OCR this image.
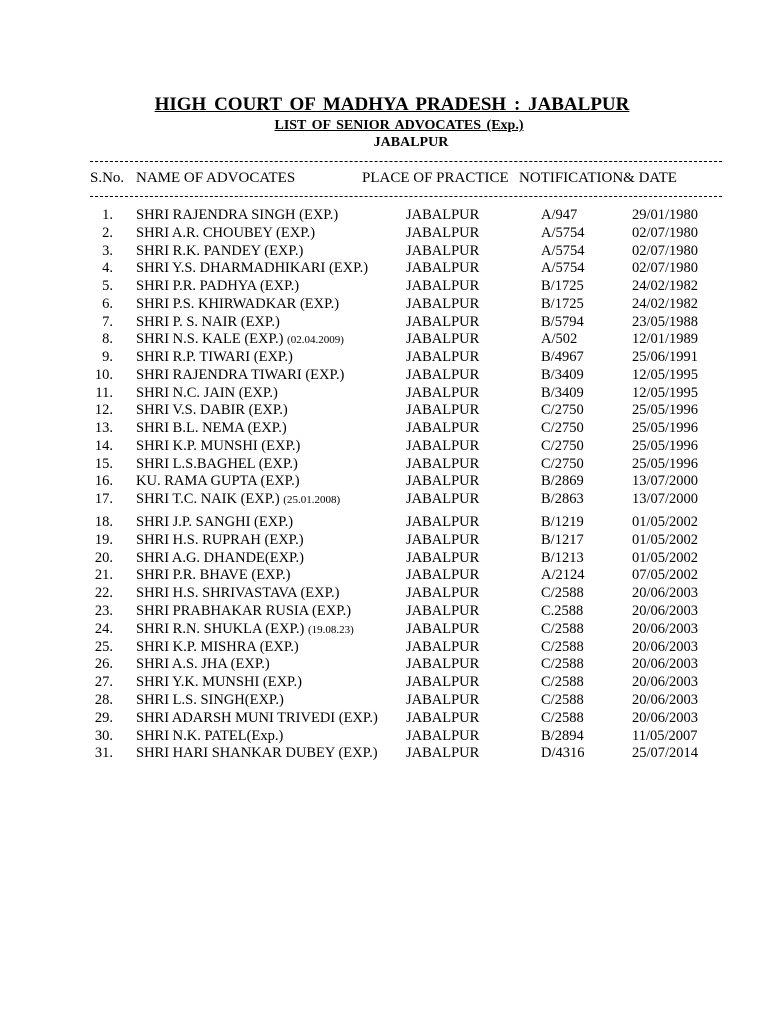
HIGH COURT OF MADHYA PRADESH : JABALPUR
LIST OF SENIOR ADVOCATES (Exp.)
JABALPUR
S.No. NAME OF ADVOCATES	PLACE OF PRACTICE NOTIFICATION& DATE
1. SHRI RAJENDRA SINGH (EXP.)	JABALPUR	A/947	29/01/1980
2. SHRI A.R. CHOUBEY (EXP.)	JABALPUR	A/5754	02/07/1980
3. SHRI R.K. PANDEY (EXP.)	JABALPUR	A/5754	02/07/1980
4. SHRI Y.S. DHARMADHIKARI (EXP.)	JABALPUR	A/5754	02/07/1980
5. SHRI P.R. PADHYA (EXP.)	JABALPUR	B/1725	24/02/1982
6. SHRI P.S. KHIRWADKAR (EXP.)	JABALPUR	B/1725	24/02/1982
7. SHRI P. S. NAIR (EXP.)	JABALPUR	B/5794	23/05/1988
8. SHRI N.S. KALE (EXP.) (02.04.2009)	JABALPUR	A/502	12/01/1989
9. SHRI R.P. TIWARI (EXP.)	JABALPUR	B/4967	25/06/1991
10. SHRI RAJENDRA TIWARI (EXP.)	JABALPUR	B/3409	12/05/1995
11. SHRI N.C. JAIN (EXP.)	JABALPUR	B/3409	12/05/1995
12. SHRI V.S. DABIR (EXP.)	JABALPUR	C/2750	25/05/1996
13. SHRI B.L. NEMA (EXP.)	JABALPUR	C/2750	25/05/1996
14. SHRI K.P. MUNSHI (EXP.)	JABALPUR	C/2750	25/05/1996
15. SHRI L.S.BAGHEL (EXP.)	JABALPUR	C/2750	25/05/1996
16. KU. RAMA GUPTA (EXP.)	JABALPUR	B/2869	13/07/2000
17. SHRI T.C. NAIK (EXP.) (25.01.2008)	JABALPUR	B/2863	13/07/2000
18. SHRI J.P. SANGHI (EXP.)	JABALPUR	B/1219	01/05/2002
19. SHRI H.S. RUPRAH (EXP.)	JABALPUR	B/1217	01/05/2002
20. SHRI A.G. DHANDE(EXP.)	JABALPUR	B/1213	01/05/2002
21. SHRI P.R. BHAVE (EXP.)	JABALPUR	A/2124	07/05/2002
22. SHRI H.S. SHRIVASTAVA (EXP.)	JABALPUR	C/2588	20/06/2003
23. SHRI PRABHAKAR RUSIA (EXP.)	JABALPUR	C.2588	20/06/2003
24. SHRI R.N. SHUKLA (EXP.) (19.08.23)	JABALPUR	C/2588	20/06/2003
25. SHRI K.P. MISHRA (EXP.)	JABALPUR	C/2588	20/06/2003
26. SHRI A.S. JHA (EXP.)	JABALPUR	C/2588	20/06/2003
27. SHRI Y.K. MUNSHI (EXP.)	JABALPUR	C/2588	20/06/2003
28. SHRI L.S. SINGH(EXP.)	JABALPUR	C/2588	20/06/2003
29. SHRI ADARSH MUNI TRIVEDI (EXP.) JABALPUR	C/2588	20/06/2003
30. SHRI N.K. PATEL(Exp.)	JABALPUR	B/2894	11/05/2007
31. SHRI HARI SHANKAR DUBEY (EXP.) JABALPUR	D/4316	25/07/2014
